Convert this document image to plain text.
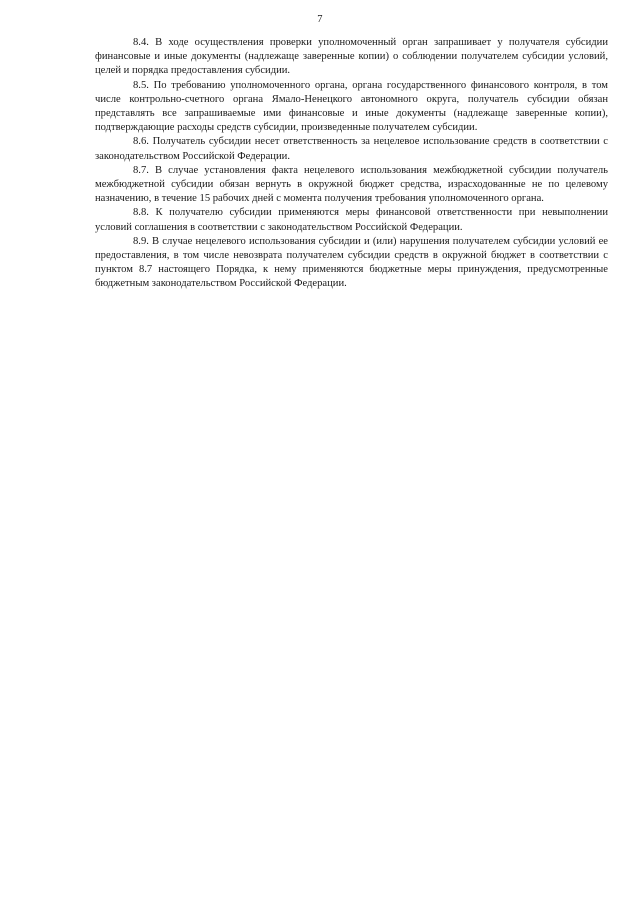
7

8.4. В ходе осуществления проверки уполномоченный орган запрашивает у получателя субсидии финансовые и иные документы (надлежаще заверенные копии) о соблюдении получателем субсидии условий, целей и порядка предоставления субсидии.

8.5. По требованию уполномоченного органа, органа государственного финансового контроля, в том числе контрольно-счетного органа Ямало-Ненецкого автономного округа, получатель субсидии обязан представлять все запрашиваемые ими финансовые и иные документы (надлежаще заверенные копии), подтверждающие расходы средств субсидии, произведенные получателем субсидии.

8.6. Получатель субсидии несет ответственность за нецелевое использование средств в соответствии с законодательством Российской Федерации.

8.7. В случае установления факта нецелевого использования межбюджетной субсидии получатель межбюджетной субсидии обязан вернуть в окружной бюджет средства, израсходованные не по целевому назначению, в течение 15 рабочих дней с момента получения требования уполномоченного органа.

8.8. К получателю субсидии применяются меры финансовой ответственности при невыполнении условий соглашения в соответствии с законодательством Российской Федерации.

8.9. В случае нецелевого использования субсидии и (или) нарушения получателем субсидии условий ее предоставления, в том числе невозврата получателем субсидии средств в окружной бюджет в соответствии с пунктом 8.7 настоящего Порядка, к нему применяются бюджетные меры принуждения, предусмотренные бюджетным законодательством Российской Федерации.
